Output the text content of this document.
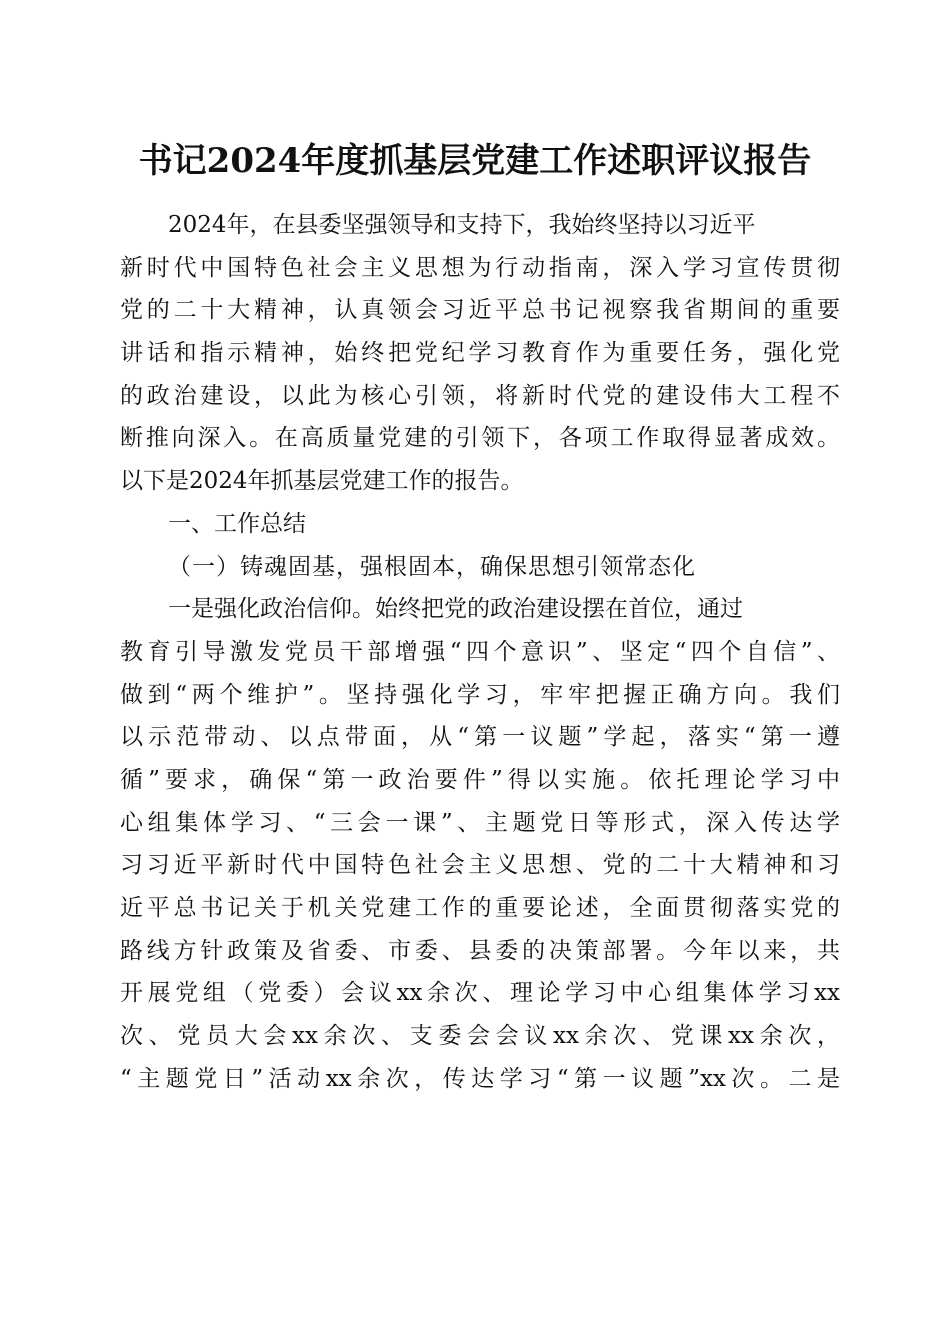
书记2024年度抓基层党建工作述职评议报告
2024年，在县委坚强领导和支持下，我始终坚持以习近平
新时代中国特色社会主义思想为行动指南，深入学习宣传贯彻
党的二十大精神，认真领会习近平总书记视察我省期间的重要
讲话和指示精神，始终把党纪学习教育作为重要任务，强化党
的政治建设，以此为核心引领，将新时代党的建设伟大工程不
断推向深入。在高质量党建的引领下，各项工作取得显著成效。
以下是2024年抓基层党建工作的报告。
一、工作总结
（一）铸魂固基，强根固本，确保思想引领常态化
一是强化政治信仰。始终把党的政治建设摆在首位，通过
教育引导激发党员干部增强“四个意识”、坚定“四个自信”、
做到“两个维护”。坚持强化学习，牢牢把握正确方向。我们
以示范带动、以点带面，从“第一议题”学起，落实“第一遵
循”要求，确保“第一政治要件”得以实施。依托理论学习中
心组集体学习、“三会一课”、主题党日等形式，深入传达学
习习近平新时代中国特色社会主义思想、党的二十大精神和习
近平总书记关于机关党建工作的重要论述，全面贯彻落实党的
路线方针政策及省委、市委、县委的决策部署。今年以来，共
开展党组（党委）会议xx余次、理论学习中心组集体学习xx
次、党员大会xx余次、支委会会议xx余次、党课xx余次，
“主题党日”活动xx余次，传达学习“第一议题”xx次。二是
